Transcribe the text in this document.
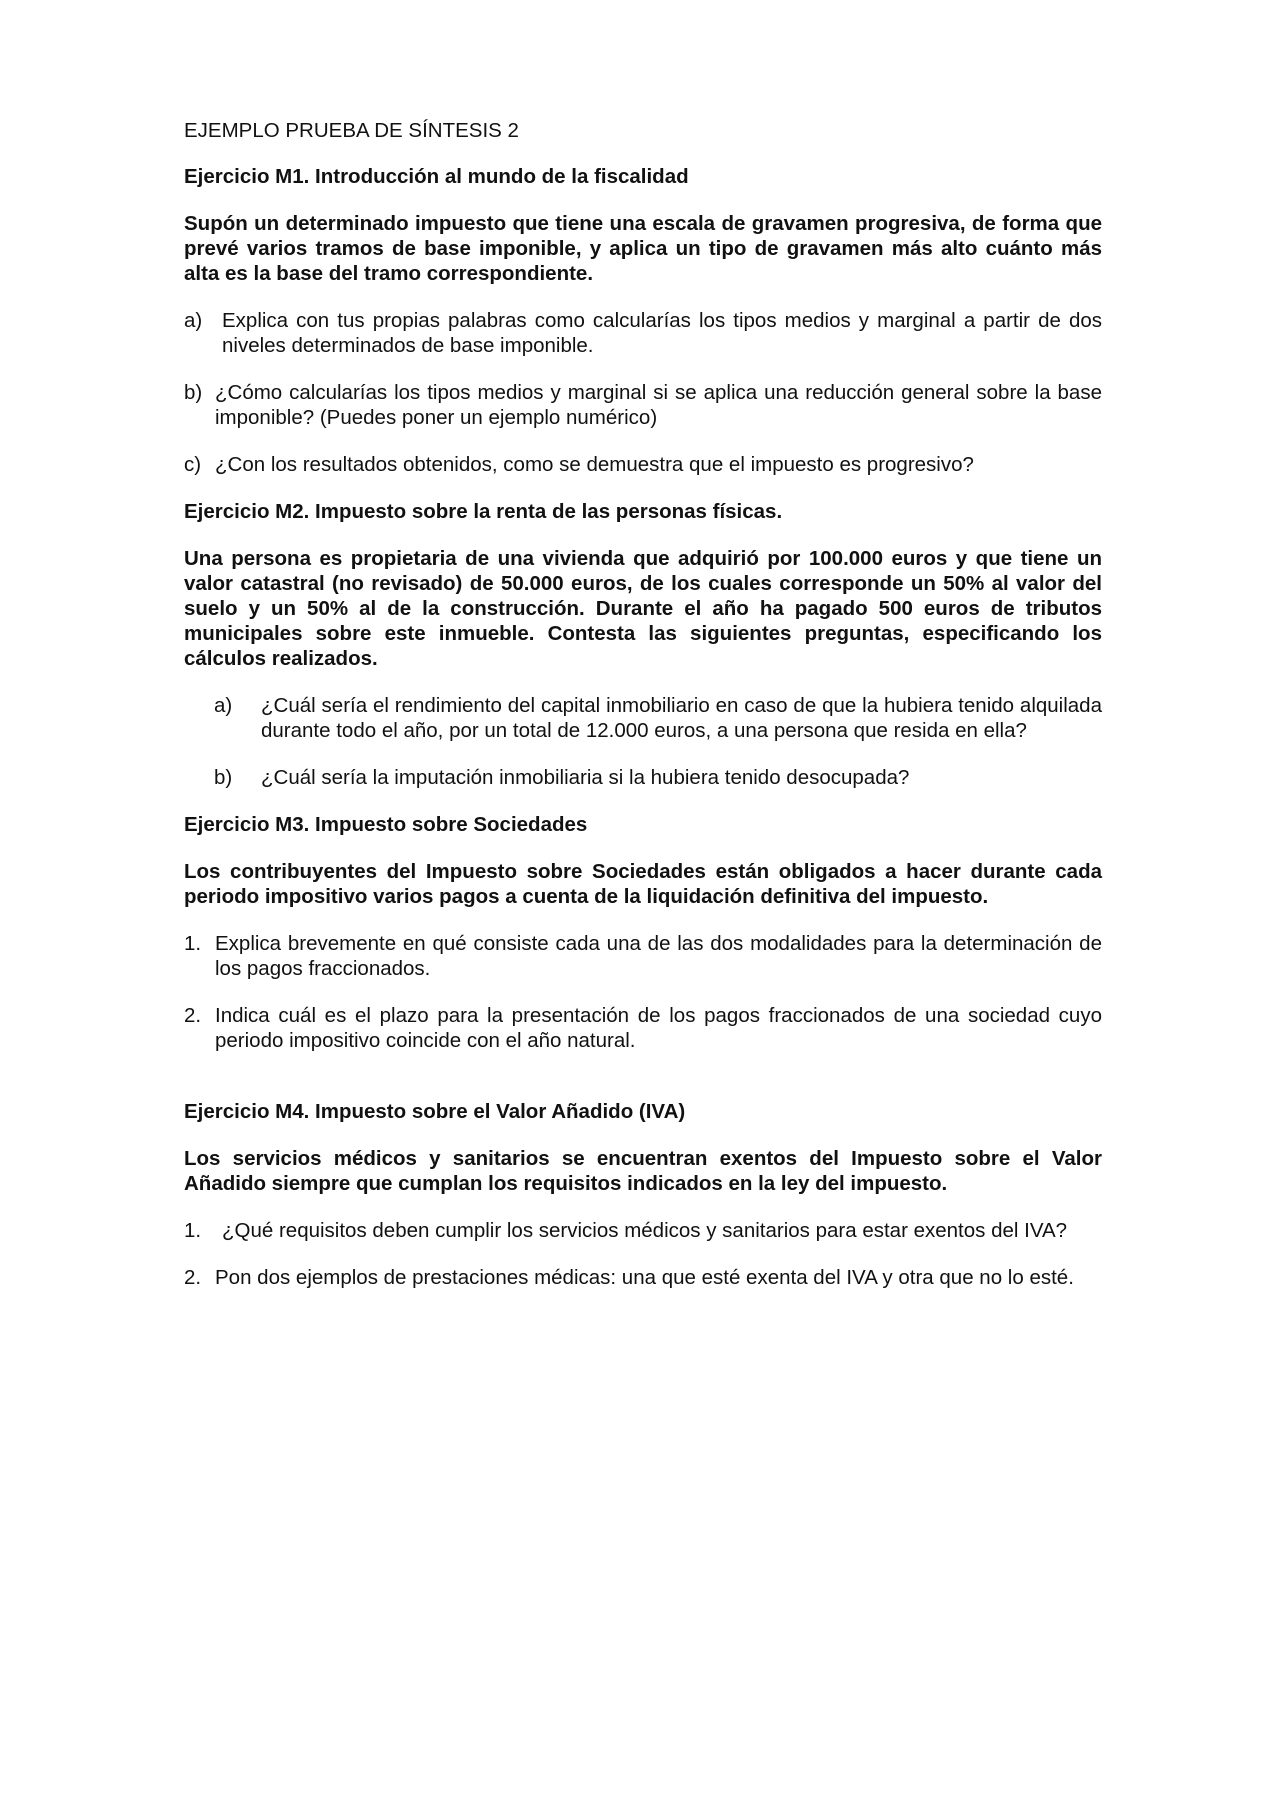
EJEMPLO PRUEBA DE SÍNTESIS 2
Ejercicio M1. Introducción al mundo de la fiscalidad
Supón un determinado impuesto que tiene una escala de gravamen progresiva, de forma que prevé varios tramos de base imponible, y aplica un tipo de gravamen más alto cuánto más alta es la base del tramo correspondiente.
a) Explica con tus propias palabras como calcularías los tipos medios y marginal a partir de dos niveles determinados de base imponible.
b) ¿Cómo calcularías los tipos medios y marginal si se aplica una reducción general sobre la base imponible? (Puedes poner un ejemplo numérico)
c) ¿Con los resultados obtenidos, como se demuestra que el impuesto es progresivo?
Ejercicio M2. Impuesto sobre la renta de las personas físicas.
Una persona es propietaria de una vivienda que adquirió por 100.000 euros y que tiene un valor catastral (no revisado) de 50.000 euros, de los cuales corresponde un 50% al valor del suelo y un 50% al de la construcción. Durante el año ha pagado 500 euros de tributos municipales sobre este inmueble. Contesta las siguientes preguntas, especificando los cálculos realizados.
a) ¿Cuál sería el rendimiento del capital inmobiliario en caso de que la hubiera tenido alquilada durante todo el año, por un total de 12.000 euros, a una persona que resida en ella?
b) ¿Cuál sería la imputación inmobiliaria si la hubiera tenido desocupada?
Ejercicio M3. Impuesto sobre Sociedades
Los contribuyentes del Impuesto sobre Sociedades están obligados a hacer durante cada periodo impositivo varios pagos a cuenta de la liquidación definitiva del impuesto.
1. Explica brevemente en qué consiste cada una de las dos modalidades para la determinación de los pagos fraccionados.
2. Indica cuál es el plazo para la presentación de los pagos fraccionados de una sociedad cuyo periodo impositivo coincide con el año natural.
Ejercicio M4. Impuesto sobre el Valor Añadido (IVA)
Los servicios médicos y sanitarios se encuentran exentos del Impuesto sobre el Valor Añadido siempre que cumplan los requisitos indicados en la ley del impuesto.
1. ¿Qué requisitos deben cumplir los servicios médicos y sanitarios para estar exentos del IVA?
2. Pon dos ejemplos de prestaciones médicas: una que esté exenta del IVA y otra que no lo esté.
